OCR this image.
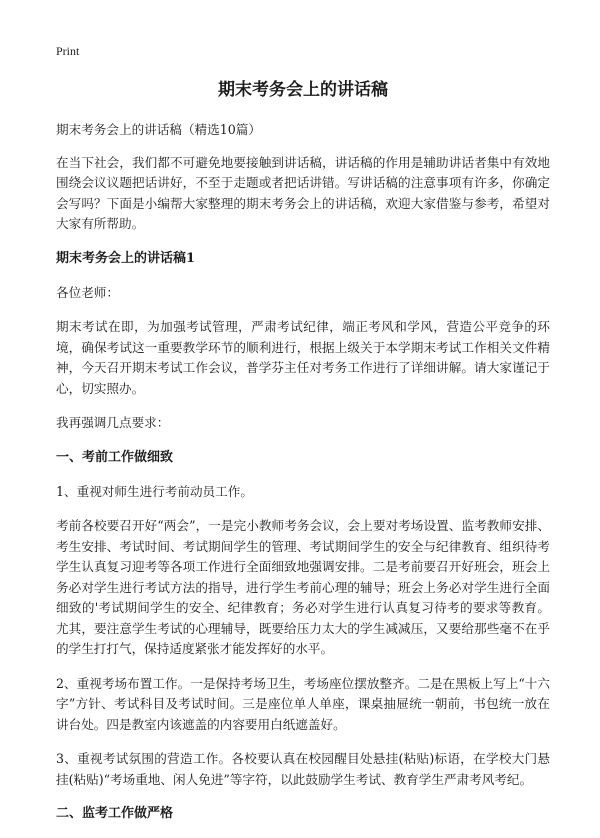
Print
期末考务会上的讲话稿

期末考务会上的讲话稿（精选10篇）

在当下社会，我们都不可避免地要接触到讲话稿，讲话稿的作用是辅助讲话者集中有效地围绕会议议题把话讲好，不至于走题或者把话讲错。写讲话稿的注意事项有许多，你确定会写吗？下面是小编帮大家整理的期末考务会上的讲话稿，欢迎大家借鉴与参考，希望对大家有所帮助。

期末考务会上的讲话稿1

各位老师：

期末考试在即，为加强考试管理，严肃考试纪律，端正考风和学风，营造公平竞争的环境，确保考试这一重要教学环节的顺利进行，根据上级关于本学期末考试工作相关文件精神，今天召开期末考试工作会议，普学芬主任对考务工作进行了详细讲解。请大家谨记于心，切实照办。

我再强调几点要求：

一、考前工作做细致

1、重视对师生进行考前动员工作。

考前各校要召开好“两会”，一是完小教师考务会议，会上要对考场设置、监考教师安排、考生安排、考试时间、考试期间学生的管理、考试期间学生的安全与纪律教育、组织待考学生认真复习迎考等各项工作进行全面细致地强调安排。二是考前要召开好班会，班会上务必对学生进行考试方法的指导，进行学生考前心理的辅导；班会上务必对学生进行全面细致的'考试期间学生的安全、纪律教育；务必对学生进行认真复习待考的要求等教育。尤其，要注意学生考试的心理辅导，既要给压力太大的学生减减压，又要给那些毫不在乎的学生打打气，保持适度紧张才能发挥好的水平。

2、重视考场布置工作。一是保持考场卫生，考场座位摆放整齐。二是在黑板上写上“十六字”方针、考试科目及考试时间。三是座位单人单座，课桌抽屉统一朝前，书包统一放在讲台处。四是教室内该遮盖的内容要用白纸遮盖好。

3、重视考试氛围的营造工作。各校要认真在校园醒目处悬挂(粘贴)标语，在学校大门悬挂(粘贴)“考场重地、闲人免进”等字符，以此鼓励学生考试、教育学生严肃考风考纪。

二、监考工作做严格
